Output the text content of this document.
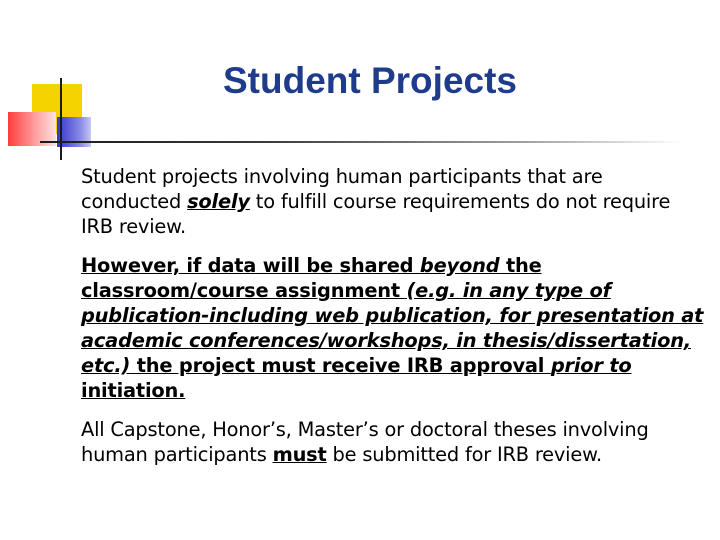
Student Projects

Student projects involving human participants that are conducted solely to fulfill course requirements do not require IRB review.

However, if data will be shared beyond the classroom/course assignment (e.g. in any type of publication-including web publication, for presentation at academic conferences/workshops, in thesis/dissertation, etc.) the project must receive IRB approval prior to initiation.

All Capstone, Honor’s, Master’s or doctoral theses involving human participants must be submitted for IRB review.
